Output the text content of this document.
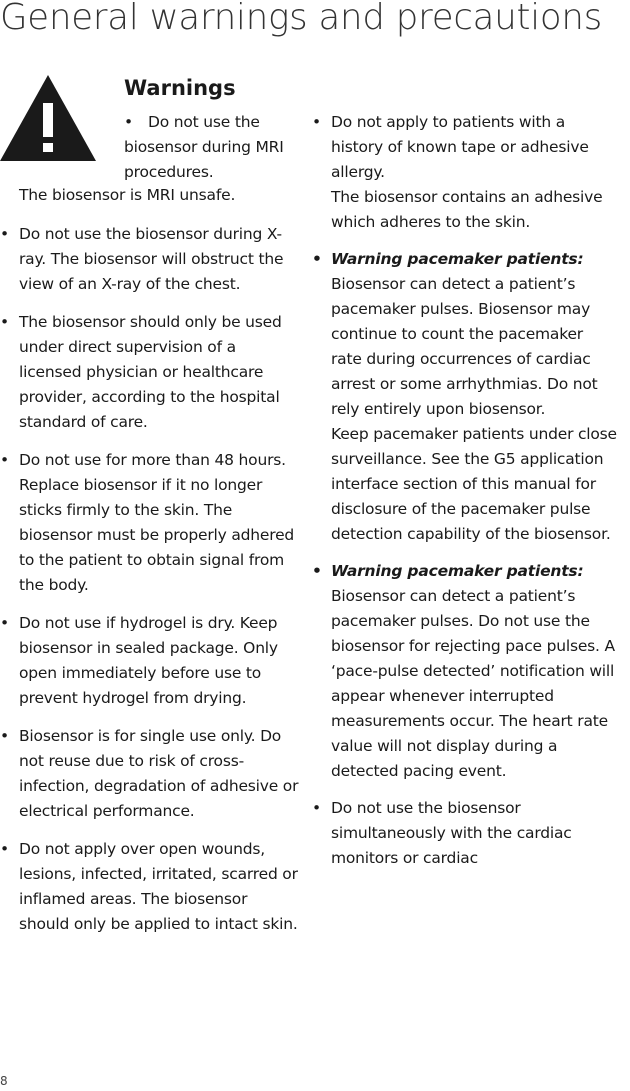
General warnings and precautions
Warnings
• Do not use the biosensor during MRI procedures.
The biosensor is MRI unsafe.
• Do not use the biosensor during X-ray. The biosensor will obstruct the view of an X-ray of the chest.

• The biosensor should only be used under direct supervision of a licensed physician or healthcare provider, according to the hospital standard of care.

• Do not use for more than 48 hours. Replace biosensor if it no longer sticks firmly to the skin. The biosensor must be properly adhered to the patient to obtain signal from the body.

• Do not use if hydrogel is dry. Keep biosensor in sealed package. Only open immediately before use to prevent hydrogel from drying.

• Biosensor is for single use only. Do not reuse due to risk of cross-infection, degradation of adhesive or electrical performance.

• Do not apply over open wounds, lesions, infected, irritated, scarred or inflamed areas. The biosensor should only be applied to intact skin.

• Do not apply to patients with a history of known tape or adhesive allergy.

The biosensor contains an adhesive which adheres to the skin.

• Warning pacemaker patients: Biosensor can detect a patient’s pacemaker pulses. Biosensor may continue to count the pacemaker rate during occurrences of cardiac arrest or some arrhythmias. Do not rely entirely upon biosensor.

Keep pacemaker patients under close surveillance. See the G5 application interface section of this manual for disclosure of the pacemaker pulse detection capability of the biosensor.

• Warning pacemaker patients: Biosensor can detect a patient’s pacemaker pulses. Do not use the biosensor for rejecting pace pulses. A ‘pace-pulse detected’ notification will appear whenever interrupted measurements occur. The heart rate value will not display during a detected pacing event.

• Do not use the biosensor simultaneously with the cardiac monitors or cardiac

8
